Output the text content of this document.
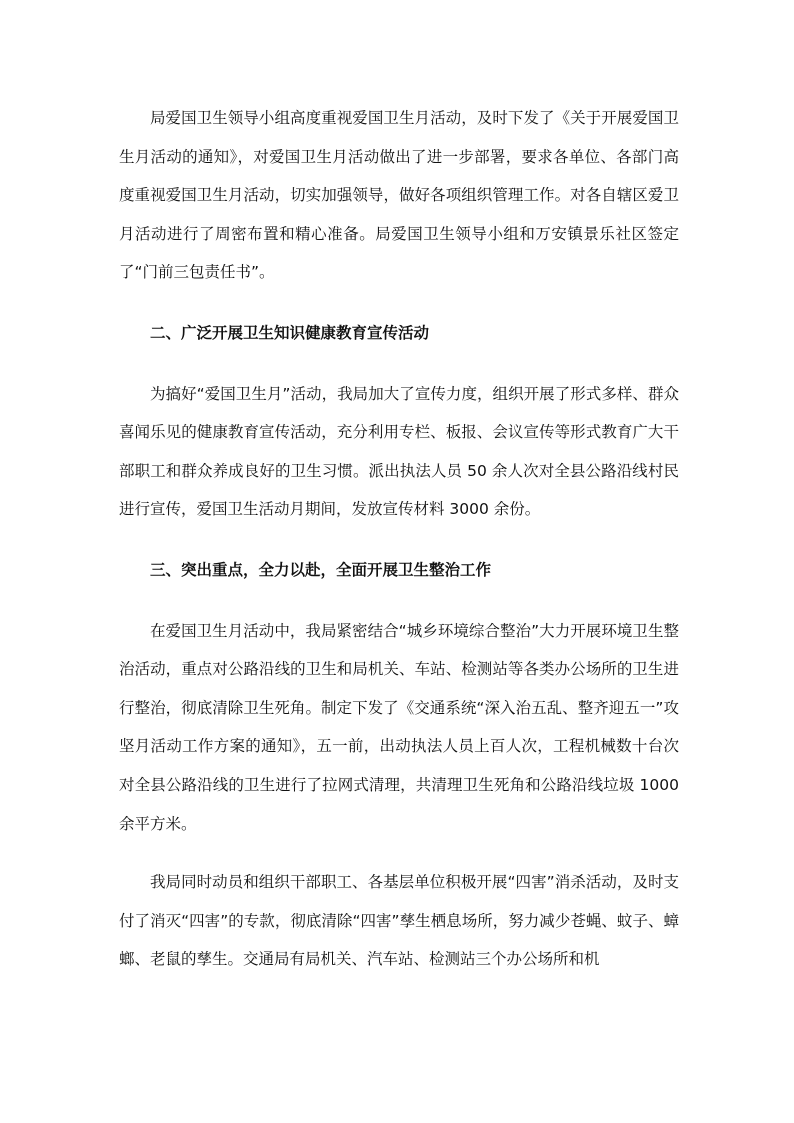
局爱国卫生领导小组高度重视爱国卫生月活动，及时下发了《关于开展爱国卫生月活动的通知》，对爱国卫生月活动做出了进一步部署，要求各单位、各部门高度重视爱国卫生月活动，切实加强领导，做好各项组织管理工作。对各自辖区爱卫月活动进行了周密布置和精心准备。局爱国卫生领导小组和万安镇景乐社区签定了“门前三包责任书”。

二、广泛开展卫生知识健康教育宣传活动

为搞好“爱国卫生月”活动，我局加大了宣传力度，组织开展了形式多样、群众喜闻乐见的健康教育宣传活动，充分利用专栏、板报、会议宣传等形式教育广大干部职工和群众养成良好的卫生习惯。派出执法人员 50 余人次对全县公路沿线村民进行宣传，爱国卫生活动月期间，发放宣传材料 3000 余份。

三、突出重点，全力以赴，全面开展卫生整治工作

在爱国卫生月活动中，我局紧密结合“城乡环境综合整治”大力开展环境卫生整治活动，重点对公路沿线的卫生和局机关、车站、检测站等各类办公场所的卫生进行整治，彻底清除卫生死角。制定下发了《交通系统“深入治五乱、整齐迎五一”攻坚月活动工作方案的通知》，五一前，出动执法人员上百人次，工程机械数十台次对全县公路沿线的卫生进行了拉网式清理，共清理卫生死角和公路沿线垃圾 1000 余平方米。

我局同时动员和组织干部职工、各基层单位积极开展“四害”消杀活动，及时支付了消灭“四害”的专款，彻底清除“四害”孳生栖息场所，努力减少苍蝇、蚊子、蟑螂、老鼠的孳生。交通局有局机关、汽车站、检测站三个办公场所和机
